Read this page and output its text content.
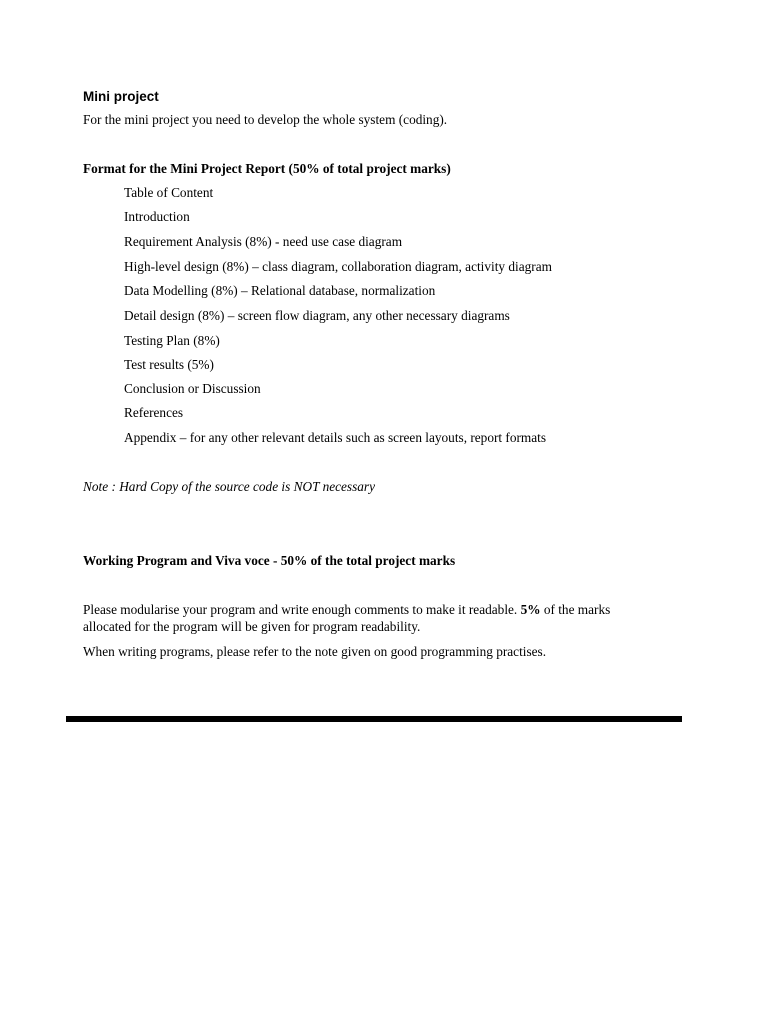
Mini project
For the mini project you need to develop the whole system (coding).
Format for the Mini Project Report (50% of total project marks)
Table of Content
Introduction
Requirement Analysis (8%) - need use case diagram
High-level design (8%) – class diagram, collaboration diagram, activity diagram
Data Modelling (8%) – Relational database, normalization
Detail design (8%) – screen flow diagram, any other necessary diagrams
Testing Plan (8%)
Test results (5%)
Conclusion or Discussion
References
Appendix – for any other relevant details such as screen layouts, report formats
Note : Hard Copy of the source code is NOT necessary
Working Program and Viva voce - 50% of the total project marks
Please modularise your program and write enough comments to make it readable. 5% of the marks
allocated for the program will be given for program readability.
When writing programs, please refer to the note given on good programming practises.
